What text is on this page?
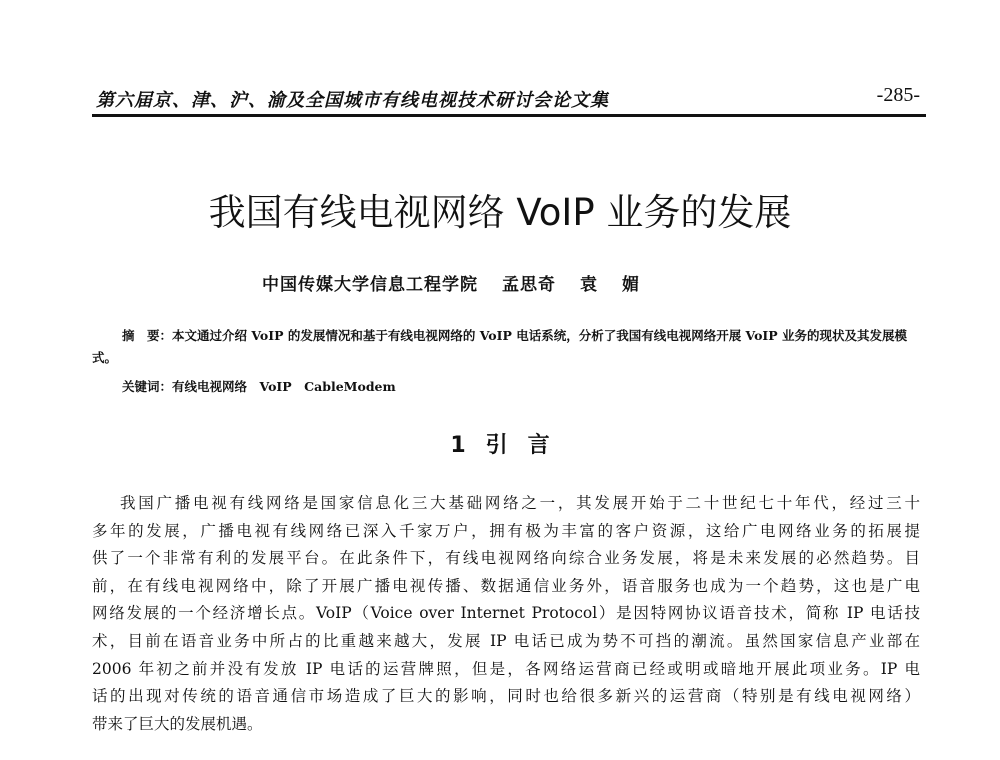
第六届京、津、沪、渝及全国城市有线电视技术研讨会论文集	-285-
我国有线电视网络 VoIP 业务的发展
中国传媒大学信息工程学院 孟思奇 袁 媚
摘　要：本文通过介绍 VoIP 的发展情况和基于有线电视网络的 VoIP 电话系统，分析了我国有线电视网络开展 VoIP 业务的现状及其发展模式。
关键词：有线电视网络　VoIP　CableModem
1 引 言
我国广播电视有线网络是国家信息化三大基础网络之一，其发展开始于二十世纪七十年代，经过三十
多年的发展，广播电视有线网络已深入千家万户，拥有极为丰富的客户资源，这给广电网络业务的拓展提
供了一个非常有利的发展平台。在此条件下，有线电视网络向综合业务发展，将是未来发展的必然趋势。目
前，在有线电视网络中，除了开展广播电视传播、数据通信业务外，语音服务也成为一个趋势，这也是广电
网络发展的一个经济增长点。VoIP（Voice over Internet Protocol）是因特网协议语音技术，简称 IP 电话技
术，目前在语音业务中所占的比重越来越大，发展 IP 电话已成为势不可挡的潮流。虽然国家信息产业部在
2006 年初之前并没有发放 IP 电话的运营牌照，但是，各网络运营商已经或明或暗地开展此项业务。IP 电
话的出现对传统的语音通信市场造成了巨大的影响，同时也给很多新兴的运营商（特别是有线电视网络）
带来了巨大的发展机遇。
